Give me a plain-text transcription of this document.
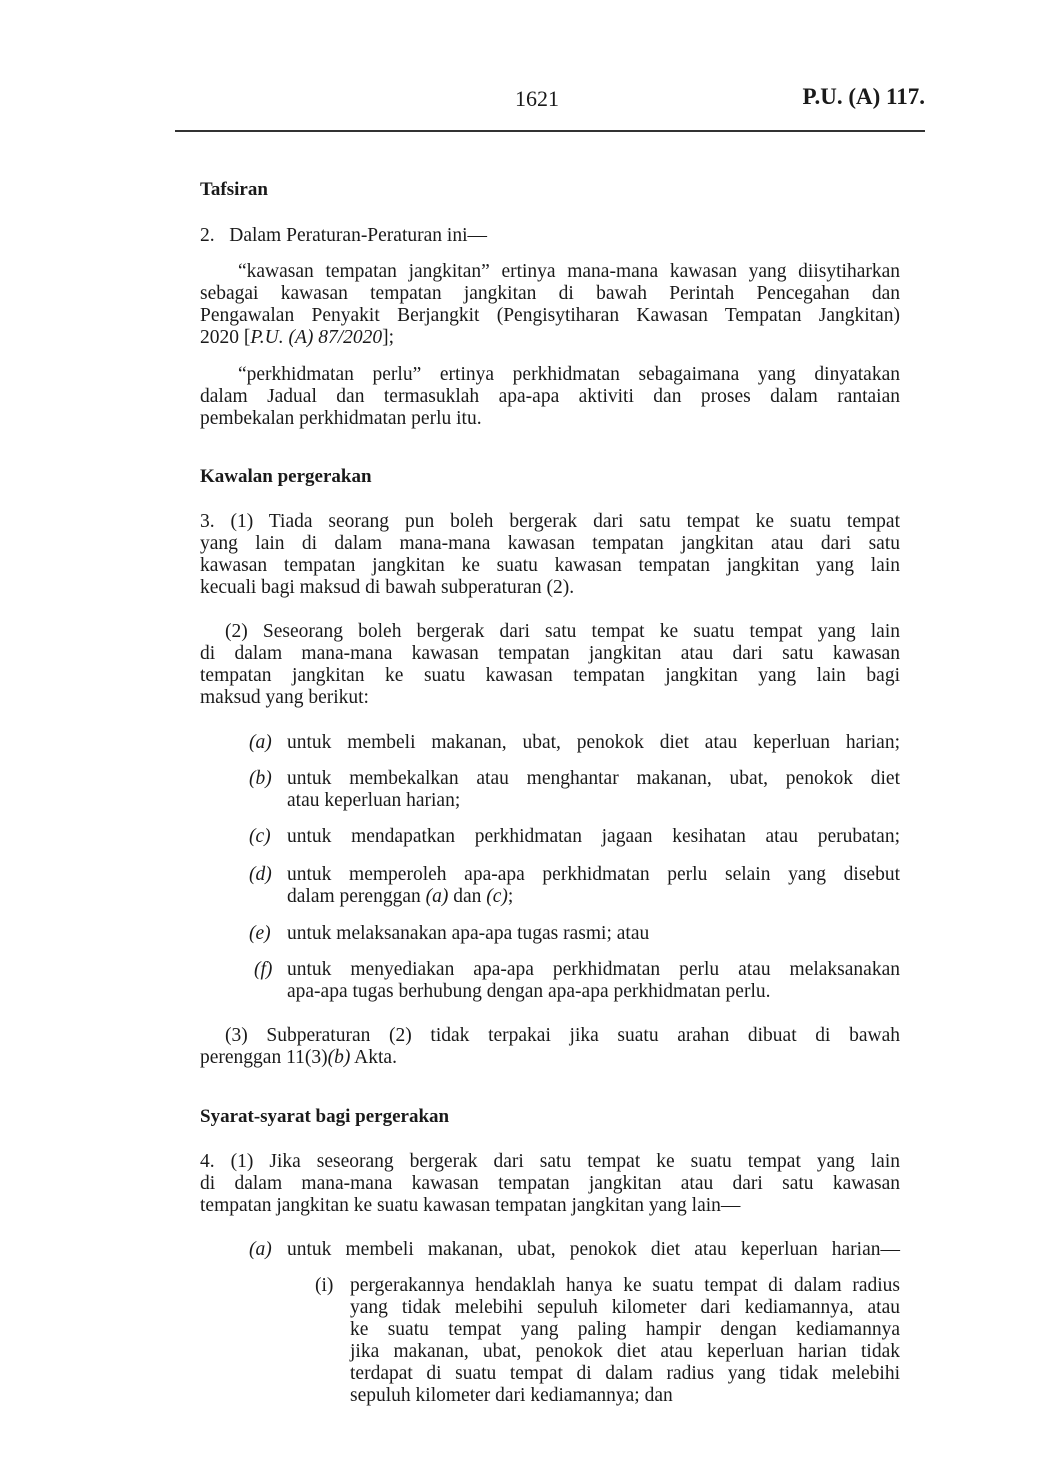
1621	P.U. (A) 117.
Tafsiran
2.   Dalam Peraturan-Peraturan ini—
“kawasan tempatan jangkitan” ertinya mana-mana kawasan yang diisytiharkan
sebagai kawasan tempatan jangkitan di bawah Perintah Pencegahan dan
Pengawalan Penyakit Berjangkit (Pengisytiharan Kawasan Tempatan Jangkitan)
2020 [P.U. (A) 87/2020];
“perkhidmatan perlu” ertinya perkhidmatan sebagaimana yang dinyatakan
dalam Jadual dan termasuklah apa-apa aktiviti dan proses dalam rantaian
pembekalan perkhidmatan perlu itu.
Kawalan pergerakan
3. (1) Tiada seorang pun boleh bergerak dari satu tempat ke suatu tempat
yang lain di dalam mana-mana kawasan tempatan jangkitan atau dari satu
kawasan tempatan jangkitan ke suatu kawasan tempatan jangkitan yang lain
kecuali bagi maksud di bawah subperaturan (2).
(2) Seseorang boleh bergerak dari satu tempat ke suatu tempat yang lain
di dalam mana-mana kawasan tempatan jangkitan atau dari satu kawasan
tempatan jangkitan ke suatu kawasan tempatan jangkitan yang lain bagi
maksud yang berikut:
(a) untuk membeli makanan, ubat, penokok diet atau keperluan harian;
(b) untuk membekalkan atau menghantar makanan, ubat, penokok diet
atau keperluan harian;
(c) untuk mendapatkan perkhidmatan jagaan kesihatan atau perubatan;
(d) untuk memperoleh apa-apa perkhidmatan perlu selain yang disebut
dalam perenggan (a) dan (c);
(e) untuk melaksanakan apa-apa tugas rasmi; atau
(f) untuk menyediakan apa-apa perkhidmatan perlu atau melaksanakan
apa-apa tugas berhubung dengan apa-apa perkhidmatan perlu.
(3) Subperaturan (2) tidak terpakai jika suatu arahan dibuat di bawah
perenggan 11(3)(b) Akta.
Syarat-syarat bagi pergerakan
4. (1) Jika seseorang bergerak dari satu tempat ke suatu tempat yang lain
di dalam mana-mana kawasan tempatan jangkitan atau dari satu kawasan
tempatan jangkitan ke suatu kawasan tempatan jangkitan yang lain—
(a) untuk membeli makanan, ubat, penokok diet atau keperluan harian—
(i) pergerakannya hendaklah hanya ke suatu tempat di dalam radius
yang tidak melebihi sepuluh kilometer dari kediamannya, atau
ke suatu tempat yang paling hampir dengan kediamannya
jika makanan, ubat, penokok diet atau keperluan harian tidak
terdapat di suatu tempat di dalam radius yang tidak melebihi
sepuluh kilometer dari kediamannya; dan
